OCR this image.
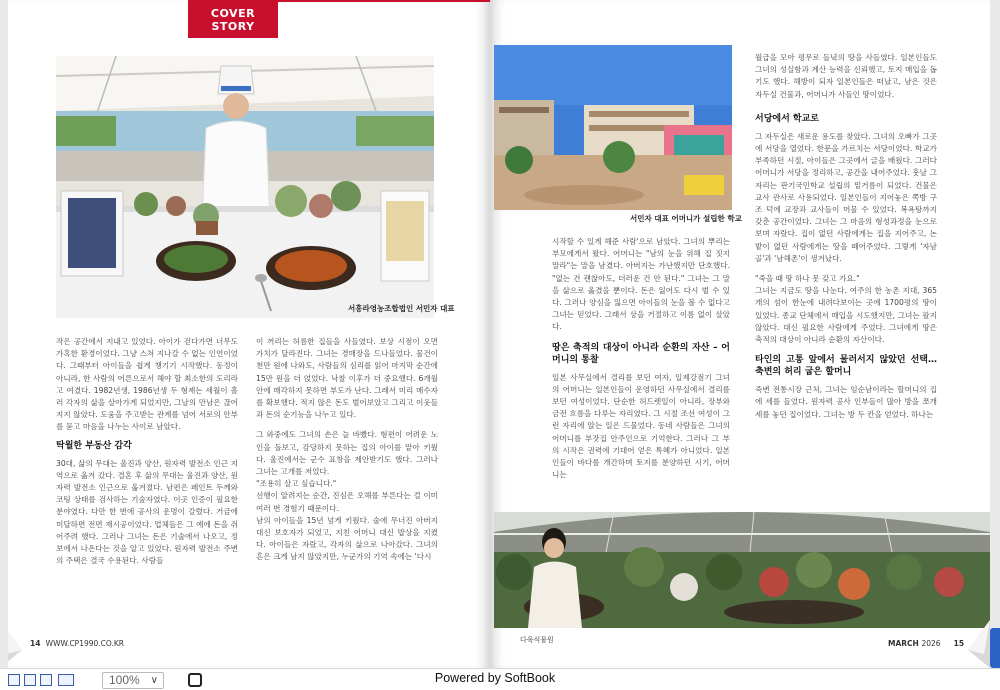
COVER STORY
서흥라영농조합법인 서민자 대표
서흥라영농조합법인 서민자 대표

작은 공간에서 지내고 있었다. 아이가 걷다가면 너무도 가혹한 환경이었다. 그냥 스쳐 지나갈 수 없는 인연이었다. 그때부터 아이들을 쉽게 챙기기 시작했다. 동정이 아니라, 한 사람의 어른으로서 해야 할 최소한의 도리라고 여겼다. 1982년생, 1986년생 두 형제는 세월이 흘러 각자의 삶을 살아가게 되었지만, 그날의 만남은 끊어지지 않았다. 도움을 주고받는 관계를 넘어 서로의 안부를 묻고 마음을 나누는 사이로 남았다.

탁월한 부동산 감각

30대, 삶의 무대는 울진과 양산, 원자력 발전소 인근 지역으로 옮겨 갔다. 결혼 후 삶의 무대는 울진과 양산, 원자력 발전소 인근으로 옮겨졌다. 남편은 페인트 두께와 코팅 상태를 검사하는 기술자였다. 이곳 인증이 필요한 분야였다. 다만 한 번에 공사의 운명이 갈렸다. 거금에 미달하면 전면 재시공이었다. 업체들은 그 예에 돈을 쥐어주려 했다. 그러나 그녀는 돈은 기술에서 나오고, 정보에서 나온다는 것을 알고 있었다. 원자력 발전소 주변의 주택은 결국 수용된다. 사람들

이 꺼리는 허름한 집들을 사들였다. 보상 시점이 오면 가치가 달라진다. 그녀는 경매장을 드나들었다. 물건이 천만 원에 나와도, 사람들의 심리를 읽어 마지막 순간에 15만 원을 더 얹었다. 낙찰 이후가 더 중요했다. 6개월 안에 매각하지 못하면 부도가 난다. 그래서 미리 매수자를 확보했다. 적지 않은 돈도 벌어보았고 그리고 이웃들과 돈의 순기능을 나누고 있다.

그 와중에도 그녀의 손은 늘 바빴다. 형편이 어려운 노인을 돌보고, 감당하지 못하는 집의 아이를 맡아 키웠다. 울진에서는 군수 표창을 제안받기도 했다. 그러나 그녀는 고개를 저었다.

"조용히 살고 싶습니다."

선행이 알려지는 순간, 진심은 오해를 부른다는 걸 이미 여러 번 경험기 때문이다.

남의 아이들을 15년 넘게 키웠다. 술에 무너진 아버지 대신 보호자가 되었고, 지친 어머니 대신 밥상을 지켰다. 아이들은 자랐고, 각자의 삶으로 나아갔다. 그녀의 흔은 크게 남지 않았지만, 누군가의 기억 속에는 '다시

14 WWW.CP1990.CO.KR
서민자 대표 어머니가 설립한 학교

시작할 수 있게 해준 사람'으로 남았다. 그녀의 뿌리는 부모에게서 왔다. 어머니는 "남의 눈을 위해 집 짓지 말라"는 말을 남겼다. 아버지는 가난했지만 단호했다. "없는 건 괜찮아도, 더러운 건 안 된다." 그녀는 그 말을 삶으로 옮겼을 뿐이다. 돈은 잃어도 다시 벌 수 있다. 그러나 양심을 잃으면 아이들의 눈을 볼 수 없다고 그녀는 믿었다. 그래서 상을 거절하고 이름 없이 살았다.

땅은 축적의 대상이 아니라 순환의 자산 – 어머니의 통찰

일본 사무실에서 결리를 보던 여자, 일제강점기 그녀의 어머니는 일본인들이 운영하던 사무실에서 결리를 보던 여성이었다. 단순한 허드렛일이 아니라, 장부와 금전 흐름을 다루는 자리였다. 그 시절 조선 여성이 그런 자리에 앉는 일은 드물었다. 동네 사람들은 그녀의 어머니를 부잣집 안주인으로 기억한다. 그러나 그 부의 시작은 권력에 기대어 얻은 특혜가 아니었다. 일본인들이 바다를 개간하며 토지를 분양하던 시기, 어머니는

월급을 모아 평무로 들녘의 땅을 사들였다. 일본인들도 그녀의 성실함과 계산 능력을 신뢰했고, 토지 매입을 돕기도 했다. 해방이 되자 일본인들은 떠났고, 남은 것은 자두실 건물과, 어머니가 사들인 땅이었다.

서당에서 학교로

그 자두실은 새로운 용도를 찾았다. 그녀의 오빠가 그곳에 서당을 열었다. 한문을 가르치는 서당이었다. 학교가 부족하던 시절, 아이들은 그곳에서 글을 배웠다. 그러다 어머니가 서당을 정리하고, 공간을 내어주었다. 훗날 그 자리는 판기국민학교 설립의 밑거름이 되었다. 건물은 교사 관사로 사용되었다. 일본인들이 지어놓은 쪽방 구조 덕에 교장과 교사들이 머물 수 있었다. 복욕탕까지 갖춘 공간이었다. 그녀는 그 마음의 형성과정을 눈으로 보며 자랐다. 집이 없던 사람에게는 집을 지어주고, 논밭이 없던 사람에게는 땅을 떼어주었다. 그렇게 '자남골'과 '남해촌'이 생겨났다.

"죽을 때 땅 하나 못 갖고 가요."

그녀는 지금도 땅을 나눈다. 여주의 한 농촌 지대, 365개의 섬이 한눈에 내려다보이는 곳에 1700평의 땅이 있었다. 종교 단체에서 매입을 시도했지만, 그녀는 팔지 않았다. 대신 필요한 사람에게 주었다. 그녀에게 땅은 축적의 대상이 아니라 순환의 자산이다.

타인의 고통 앞에서 물러서지 않았던 선택… 축변의 허리 굽은 할머니

죽변 전통시장 근처, 그녀는 임순남이라는 할머니의 집에 세를 들었다. 원자력 공사 인부들이 많아 방을 쪼개 세를 놓던 집이었다. 그녀는 방 두 칸을 얻었다. 하나는

다육식물원	MARCH 2026 15
100% ∨	Powered by SoftBook
